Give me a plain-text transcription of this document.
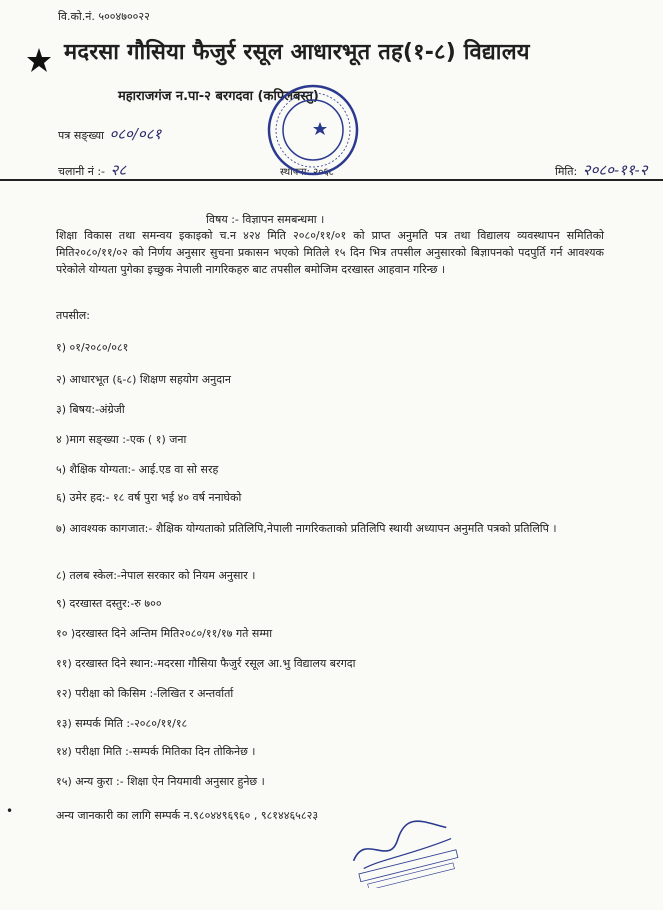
वि.को.नं. ५००४७००२२
मदरसा गौसिया फैजुर्र रसूल आधारभूत तह(१-८) विद्यालय
महाराजगंज न.पा-२ बरगदवा (कपिलबस्तु)
पत्र सङ्ख्या ०८०/०८१
चलानी नं :- २८	स्थापना: २०६८	मिति: २०८०-११-२
विषय :- विज्ञापन समबन्धमा ।
शिक्षा विकास तथा समन्वय इकाइको च.न ४२४ मिति २०८०/११/०१ को प्राप्त अनुमति पत्र तथा विद्यालय व्यवस्थापन समितिको मिति२०८०/११/०२ को निर्णय अनुसार सुचना प्रकासन भएको मितिले १५ दिन भित्र तपसील अनुसारको बिज्ञापनको पदपुर्ति गर्न आवश्यक परेकोले योग्यता पुगेका इच्छुक नेपाली नागरिकहरु बाट तपसील बमोजिम दरखास्त आहवान गरिन्छ ।
तपसील:
१) ०१/२०८०/०८१
२) आधारभूत (६-८) शिक्षण सहयोग अनुदान
३) बिषय:-अंग्रेजी
४ )माग सङ्ख्या :-एक ( १) जना
५) शैक्षिक योग्यता:- आई.एड वा सो सरह
६) उमेर हद:- १८ वर्ष पुरा भई ४० वर्ष ननाघेको
७) आवश्यक कागजात:- शैक्षिक योग्यताको प्रतिलिपि,नेपाली नागरिकताको प्रतिलिपि स्थायी अध्यापन अनुमति पत्रको प्रतिलिपि ।
८) तलब स्केल:-नेपाल सरकार को नियम अनुसार ।
९) दरखास्त दस्तुर:-रु ७००
१० )दरखास्त दिने अन्तिम मिति२०८०/११/१७ गते सम्मा
११) दरखास्त दिने स्थान:-मदरसा गौसिया फैजुर्र रसूल आ.भु विद्यालय बरगदा
१२) परीक्षा को किसिम :-लिखित र अन्तर्वार्ता
१३) सम्पर्क मिति :-२०८०/११/१८
१४) परीक्षा मिति :-सम्पर्क मितिका दिन तोकिनेछ ।
१५) अन्य कुरा :- शिक्षा ऐन नियमावी अनुसार हुनेछ ।
•	अन्य जानकारी का लागि सम्पर्क न.९८०४४९६९६० , ९८१४४६५८२३
